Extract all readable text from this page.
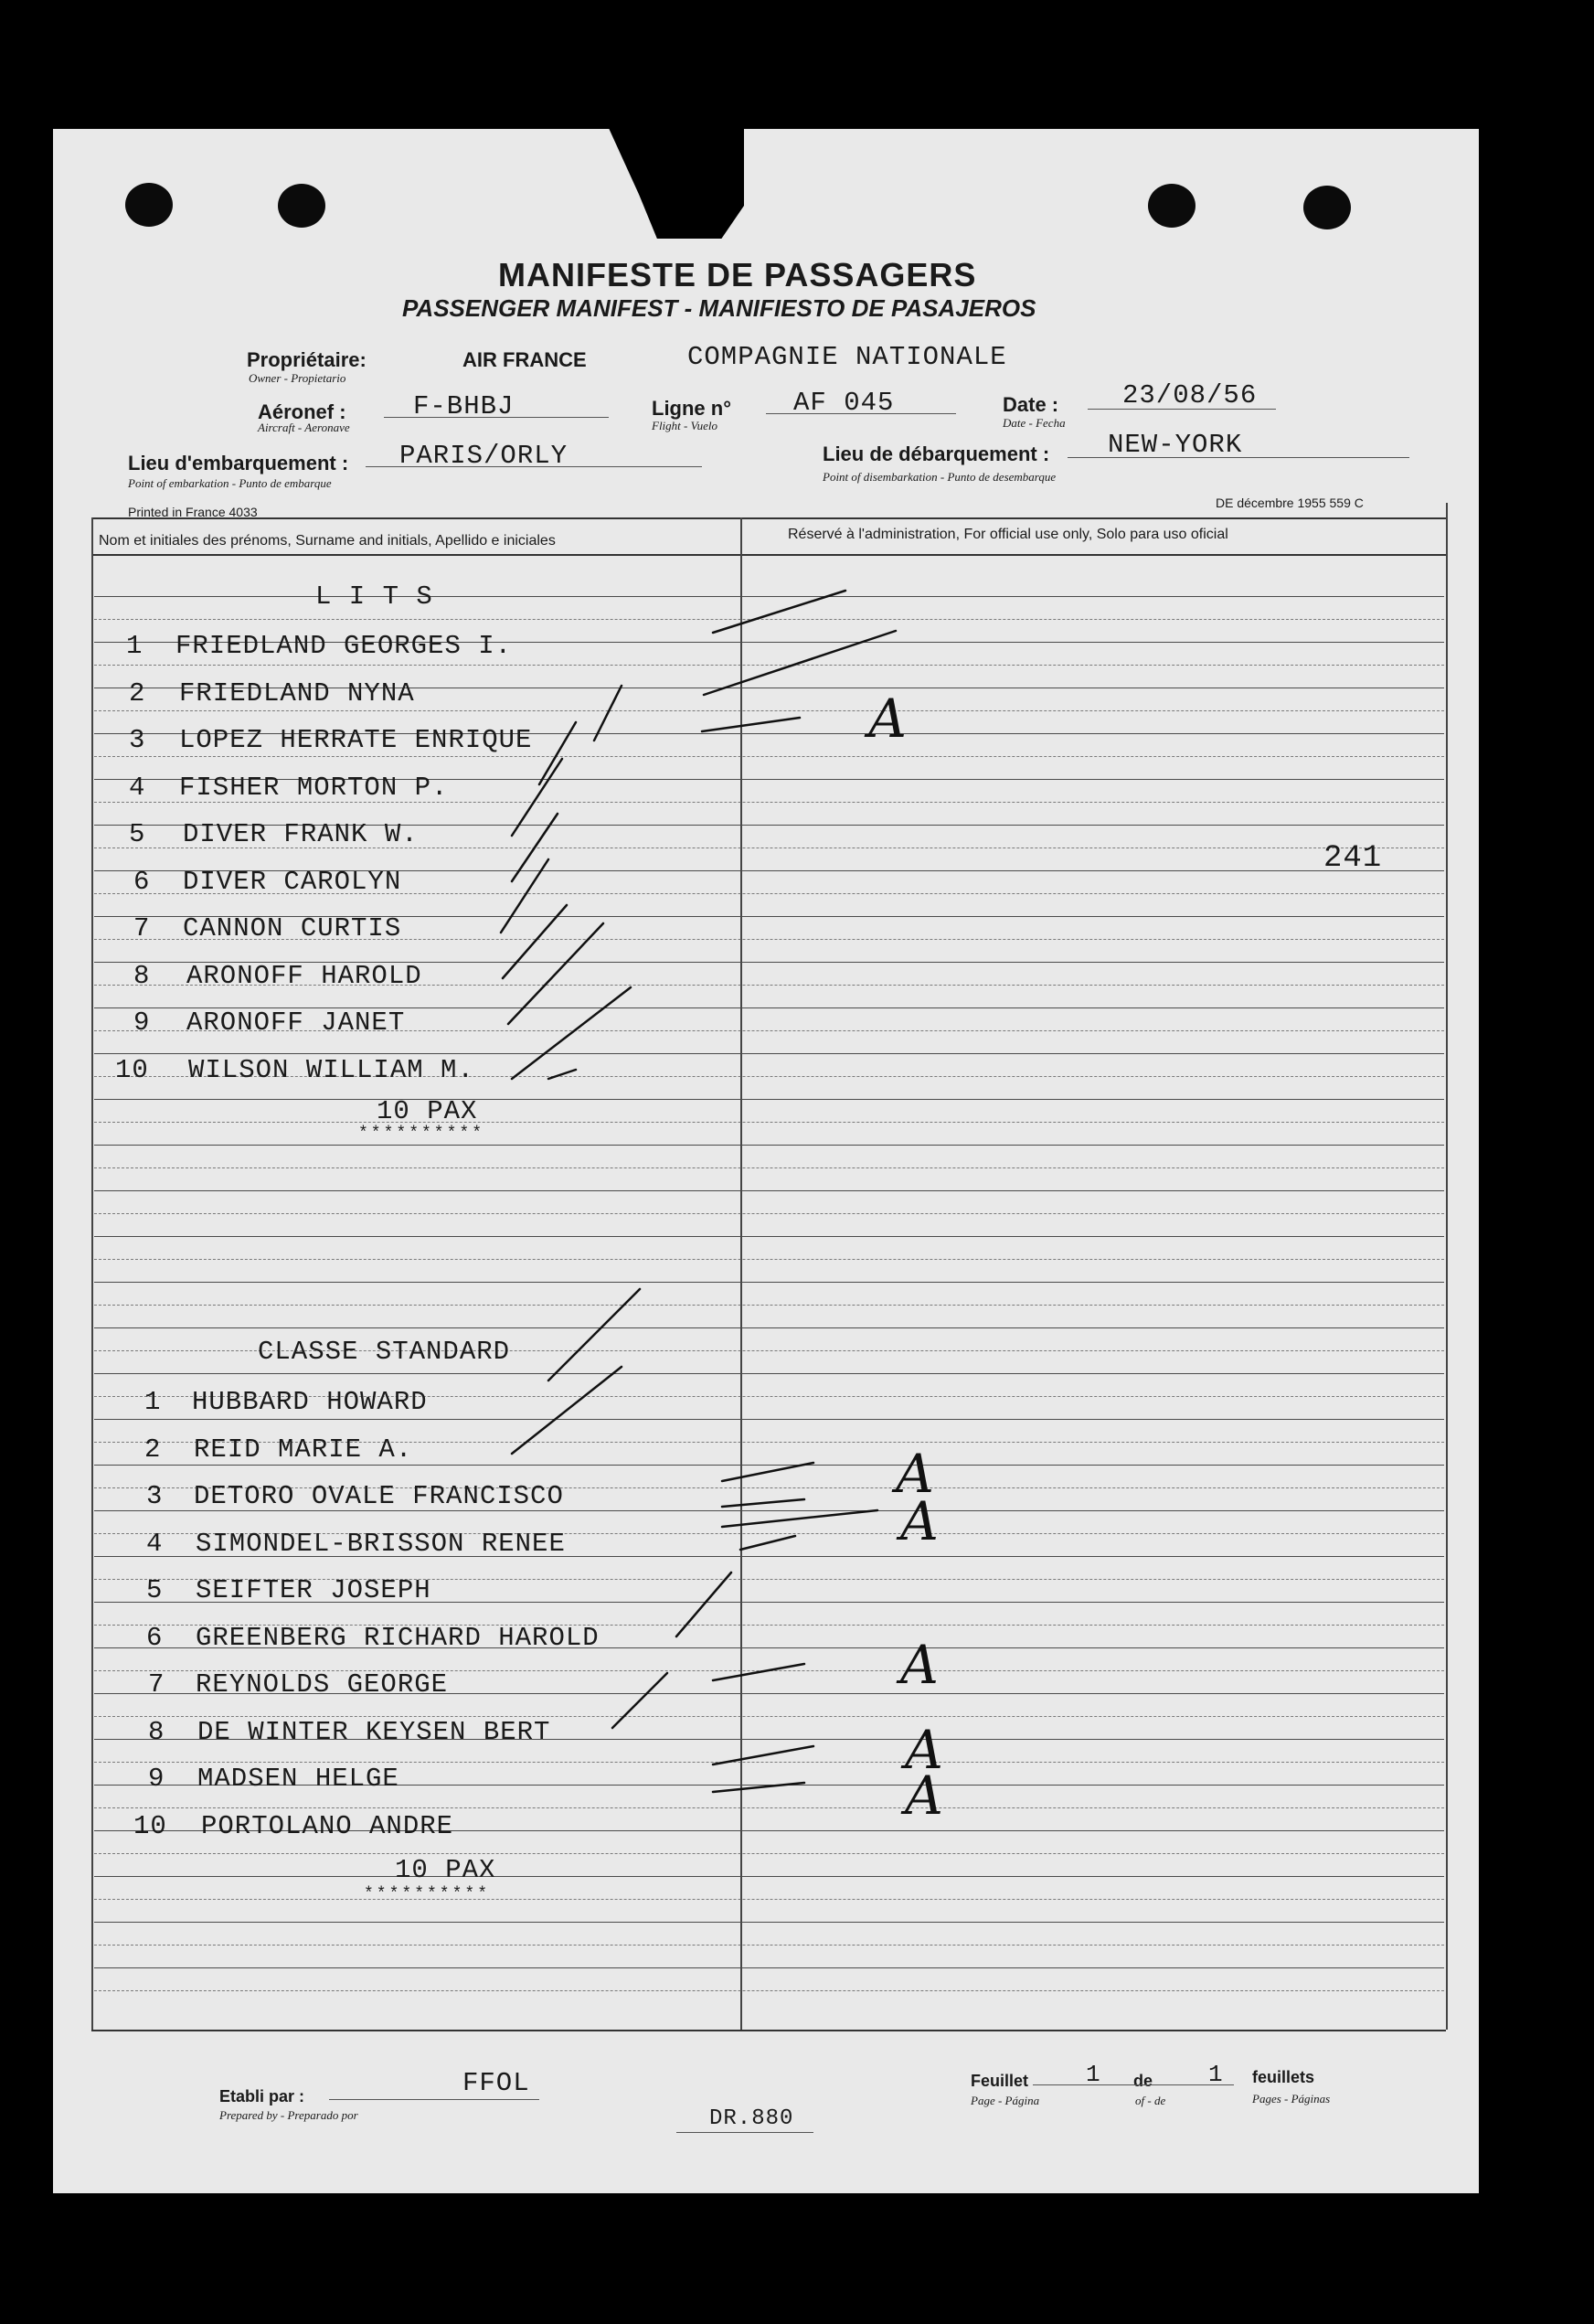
MANIFESTE DE PASSAGERS
PASSENGER MANIFEST - MANIFIESTO DE PASAJEROS
Propriétaire:
Owner - Propietario
AIR FRANCE	COMPAGNIE NATIONALE
Aéronef :
Aircraft - Aeronave
F-BHBJ	Ligne n°
Flight - Vuelo
AF 045	Date :
Date - Fecha
23/08/56
Lieu d'embarquement :
Point of embarkation - Punto de embarque
PARIS/ORLY	Lieu de débarquement :
Point of disembarkation - Punto de desembarque
NEW-YORK
Printed in France 4033
DE décembre 1955 559 C
Nom et initiales des prénoms, Surname and initials, Apellido e iniciales	Réservé à l'administration, For official use only, Solo para uso oficial
L I T S
1 FRIEDLAND GEORGES I.
2 FRIEDLAND NYNA
3 LOPEZ HERRATE ENRIQUE
4 FISHER MORTON P.
5 DIVER FRANK W.
6 DIVER CAROLYN
7 CANNON CURTIS
8 ARONOFF HAROLD
9 ARONOFF JANET
10 WILSON WILLIAM M.
10 PAX
**********
CLASSE STANDARD
1 HUBBARD HOWARD
2 REID MARIE A.
3 DETORO OVALE FRANCISCO
4 SIMONDEL-BRISSON RENEE
5 SEIFTER JOSEPH
6 GREENBERG RICHARD HAROLD
7 REYNOLDS GEORGE
8 DE WINTER KEYSEN BERT
9 MADSEN HELGE
10 PORTOLANO ANDRE
10 PAX
**********
241
A
A
A
A
A
A
Etabli par :
Prepared by - Preparado por
FFOL
DR.880
Feuillet
Page - Página
1 de
of - de
1 feuillets
Pages - Páginas
